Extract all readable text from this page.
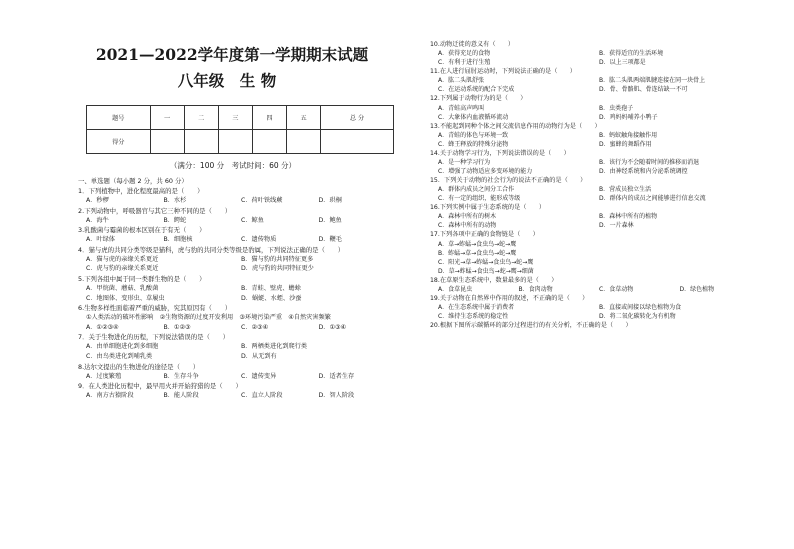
2021—2022学年度第一学期期末试题
八年级　生 物
题号	一	二	三	四	五	总 分
得分						
（满分：100 分　考试时间：60 分）
一、单选题（每小题 2 分，共 60 分）
1．下列植物中，进化程度最高的是（　　）
A．秒椤	B．水杉	C．荷叶铁线蕨	D．珙桐
2.下列动物中，呼吸器官与其它三种不同的是（　　）
A．海牛	B．鳄蛇	C．鲸鱼	D．鲍鱼
3.乳酸菌与霉菌的根本区别在于有无（　　）
A．叶绿体	B．细胞核	C．遗传物质	D．鞭毛
4．猫与虎的共同分类等级是猫科，虎与豹的共同分类等级是豹属，下列说法正确的是（　　）
A．猫与虎的亲缘关系更近	B．猫与豹的共同特征更多
C．虎与豹的亲缘关系更近	D．虎与豹的共同特征更少
5.下列各组中属于同一类群生物的是（　　）
A．甲烷菌、蘑菇、乳酸菌	B．青蛙、壁虎、蟾蜍
C．地图体、变形虫、草履虫	D．蜗蜓、水蛭、沙蚕
6.生物多样性面临着严重的威胁，究其原因有（　　）
①人类活动的破坏性影响　②生物资源的过度开发利用　③环境污染严重　④自然灾害频繁
A．①②③④	B．①②③	C．②③④	D．①③④
7．关于生物进化的历程，下列说法错误的是（　　）
A．由单细胞进化到多细胞	B．两栖类进化到爬行类
C．由鸟类进化到哺乳类	D．从无到有
8.达尔文提出的生物进化的途径是（　　）
A．过度繁殖	B．生存斗争	C．遗传变异	D．适者生存
9．在人类进化历程中，最早用火并开始狩猎的是（　　）
A．南方古猿阶段	B．能人阶段	C．直立人阶段	D．智人阶段
10.动物迁徙的意义有（　　）
A．获得充足的食物	B．获得适宜的生活环境
C．有利于进行生殖	D．以上三项都是
11.在人进行屈肘运动时，下列说法正确的是（　　）
A．肱二头肌舒张	B．肱二头肌两端肌腱连接在同一块骨上
C．在运动系统的配合下完成	D．骨、骨骼肌、骨连结缺一不可
12.下列属于动物行为的是（　　）
A．青蛙高声鸣叫	B．虫类孢子
C．大象体内血液循环流动	D．鸡妈妈哺养小鸭子
13.不能起到同种个体之间交流信息作用的动物行为是（　　）
A．青蛙的体色与环境一致	B．蚂蚁触角接触作用
C．蜂王释放的特殊分泌物	D．蜜蜂的舞蹈作用
14.关于动物学习行为，下列说法错误的是（　　）
A．是一种学习行为	B．该行为不会随着时间的推移而消退
C．增强了动物适应多变环境的能力	D．由神经系统和内分泌系统调控
15．下列关于动物的社会行为的说法不正确的是（　　）
A．群体内成员之间分工合作	B．营成员独立生活
C．有一定的组织，能形成等级	D．群体内的成员之间能够进行信息交流
16.下列实例中属于生态系统的是（　　）
A．森林中所有的树木	B．森林中所有的植物
C．森林中所有的动物	D．一片森林
17.下列各项中正确的食物链是（　　）
A．草→蚱蜢→食虫鸟→蛇→鹰
B．蚱蜢→草→食虫鸟→蛇→鹰
C．阳光→草→蚱蜢→食虫鸟→蛇→鹰
D．草→蚱蜢→食虫鸟→蛇→鹰→细菌
18.在草原生态系统中，数量最多的是（　　）
A．食草昆虫	B．食肉动物	C．食草动物	D．绿色植物
19.关于动物在自然界中作用的叙述，不正确的是（　　）
A．在生态系统中属于消费者	B．直接或间接以绿色植物为食
C．维持生态系统的稳定性	D．将二氧化碳转化为有机物
20.根据下图所示碳循环的部分过程进行的有关分析，不正确的是（　　）
